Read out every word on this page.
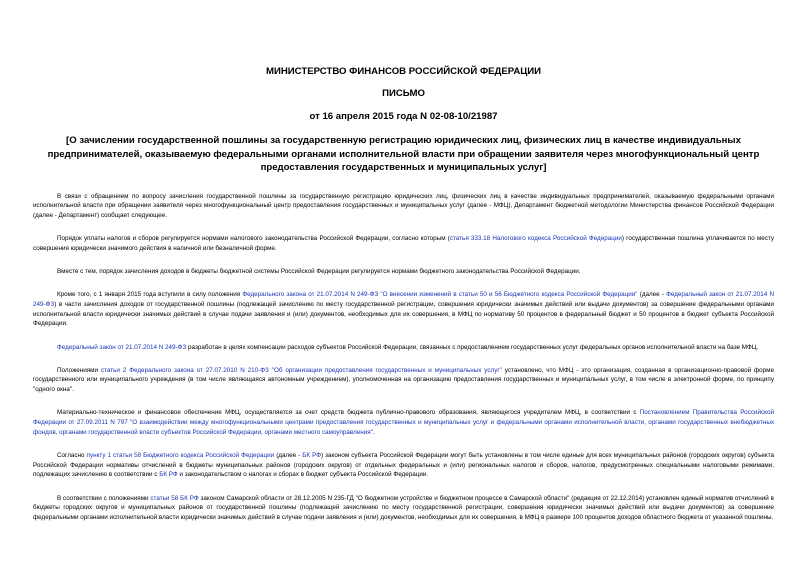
МИНИСТЕРСТВО ФИНАНСОВ РОССИЙСКОЙ ФЕДЕРАЦИИ
ПИСЬМО
от 16 апреля 2015 года N 02-08-10/21987
[О зачислении государственной пошлины за государственную регистрацию юридических лиц, физических лиц в качестве индивидуальных предпринимателей, оказываемую федеральными органами исполнительной власти при обращении заявителя через многофункциональный центр предоставления государственных и муниципальных услуг]

В связи с обращением по вопросу зачисления государственной пошлины за государственную регистрацию юридических лиц, физических лиц в качестве индивидуальных предпринимателей, оказываемую федеральными органами исполнительной власти при обращении заявителя через многофункциональный центр предоставления государственных и муниципальных услуг (далее - МФЦ), Департамент бюджетной методологии Министерства финансов Российской Федерации (далее - Департамент) сообщает следующее.

Порядок уплаты налогов и сборов регулируется нормами налогового законодательства Российской Федерации, согласно которым (статья 333.18 Налогового кодекса Российской Федерации) государственная пошлина уплачивается по месту совершения юридически значимого действия в наличной или безналичной форме.

Вместе с тем, порядок зачисления доходов в бюджеты бюджетной системы Российской Федерации регулируется нормами бюджетного законодательства Российской Федерации.

Кроме того, с 1 января 2015 года вступили в силу положения Федерального закона от 21.07.2014 N 249-ФЗ "О внесении изменений в статьи 50 и 56 Бюджетного кодекса Российской Федерации" (далее - Федеральный закон от 21.07.2014 N 249-ФЗ) в части зачисления доходов от государственной пошлины (подлежащей зачислению по месту государственной регистрации, совершения юридически значимых действий или выдачи документов) за совершение федеральными органами исполнительной власти юридически значимых действий в случае подачи заявления и (или) документов, необходимых для их совершения, в МФЦ по нормативу 50 процентов в федеральный бюджет и 50 процентов в бюджет субъекта Российской Федерации.

Федеральный закон от 21.07.2014 N 249-ФЗ разработан в целях компенсации расходов субъектов Российской Федерации, связанных с предоставлением государственных услуг федеральных органов исполнительной власти на базе МФЦ.

Положениями статьи 2 Федерального закона от 27.07.2010 N 210-ФЗ "Об организации предоставления государственных и муниципальных услуг" установлено, что МФЦ - это организация, созданная в организационно-правовой форме государственного или муниципального учреждения (в том числе являющаяся автономным учреждением), уполномоченная на организацию предоставления государственных и муниципальных услуг, в том числе в электронной форме, по принципу "одного окна".

Материально-техническое и финансовое обеспечение МФЦ, осуществляется за счет средств бюджета публично-правового образования, являющегося учредителем МФЦ, в соответствии с Постановлением Правительства Российской Федерации от 27.09.2011 N 797 "О взаимодействии между многофункциональными центрами предоставления государственных и муниципальных услуг и федеральными органами исполнительной власти, органами государственных внебюджетных фондов, органами государственной власти субъектов Российской Федерации, органами местного самоуправления".

Согласно пункту 1 статьи 58 Бюджетного кодекса Российской Федерации (далее - БК РФ) законом субъекта Российской Федерации могут быть установлены в том числе единые для всех муниципальных районов (городских округов) субъекта Российской Федерации нормативы отчислений в бюджеты муниципальных районов (городских округов) от отдельных федеральных и (или) региональных налогов и сборов, налогов, предусмотренных специальными налоговыми режимами, подлежащих зачислению в соответствии с БК РФ и законодательством о налогах и сборах в бюджет субъекта Российской Федерации.

В соответствии с положениями статьи 58 БК РФ законом Самарской области от 28.12.2005 N 235-ГД "О бюджетном устройстве и бюджетном процессе в Самарской области" (редакция от 22.12.2014) установлен единый норматив отчислений в бюджеты городских округов и муниципальных районов от государственной пошлины (подлежащей зачислению по месту государственной регистрации, совершения юридически значимых действий или выдачи документов) за совершение федеральными органами исполнительной власти юридически значимых действий в случае подачи заявления и (или) документов, необходимых для их совершения, в МФЦ в размере 100 процентов доходов областного бюджета от указанной пошлины.
